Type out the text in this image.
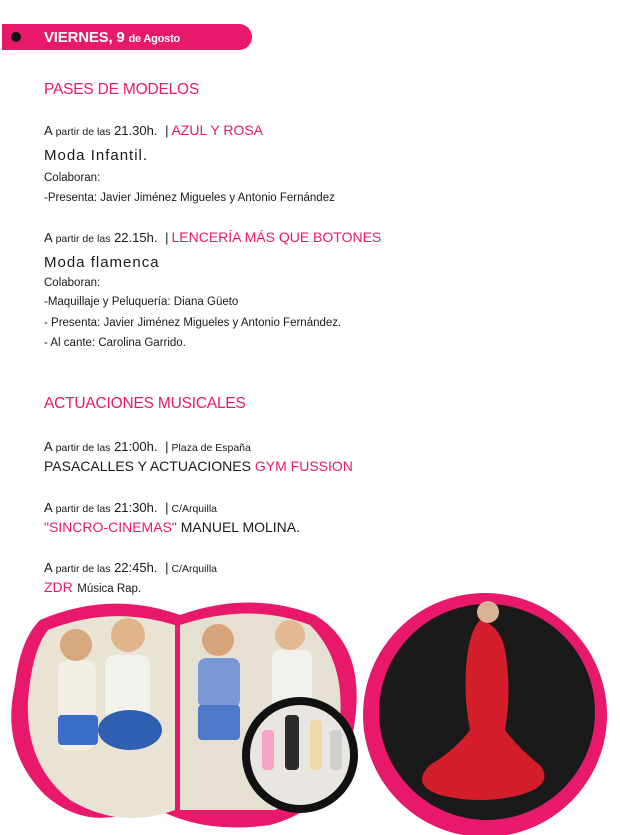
VIERNES, 9 de Agosto
PASES DE MODELOS
A partir de las 21.30h. | AZUL Y ROSA
Moda Infantil.
Colaboran:
-Presenta: Javier Jiménez Migueles y Antonio Fernández
A partir de las 22.15h. | LENCERÍA MÁS QUE BOTONES
Moda flamenca
Colaboran:
-Maquillaje y Peluquería: Diana Güeto
- Presenta: Javier Jiménez Migueles y Antonio Fernández.
- Al cante: Carolina Garrido.
ACTUACIONES MUSICALES
A partir de las 21:00h. | Plaza de España
PASACALLES Y ACTUACIONES GYM FUSSION
A partir de las 21:30h. | C/Arquilla
"SINCRO-CINEMAS" MANUEL MOLINA.
A partir de las 22:45h. | C/Arquilla
ZDR Música Rap.
